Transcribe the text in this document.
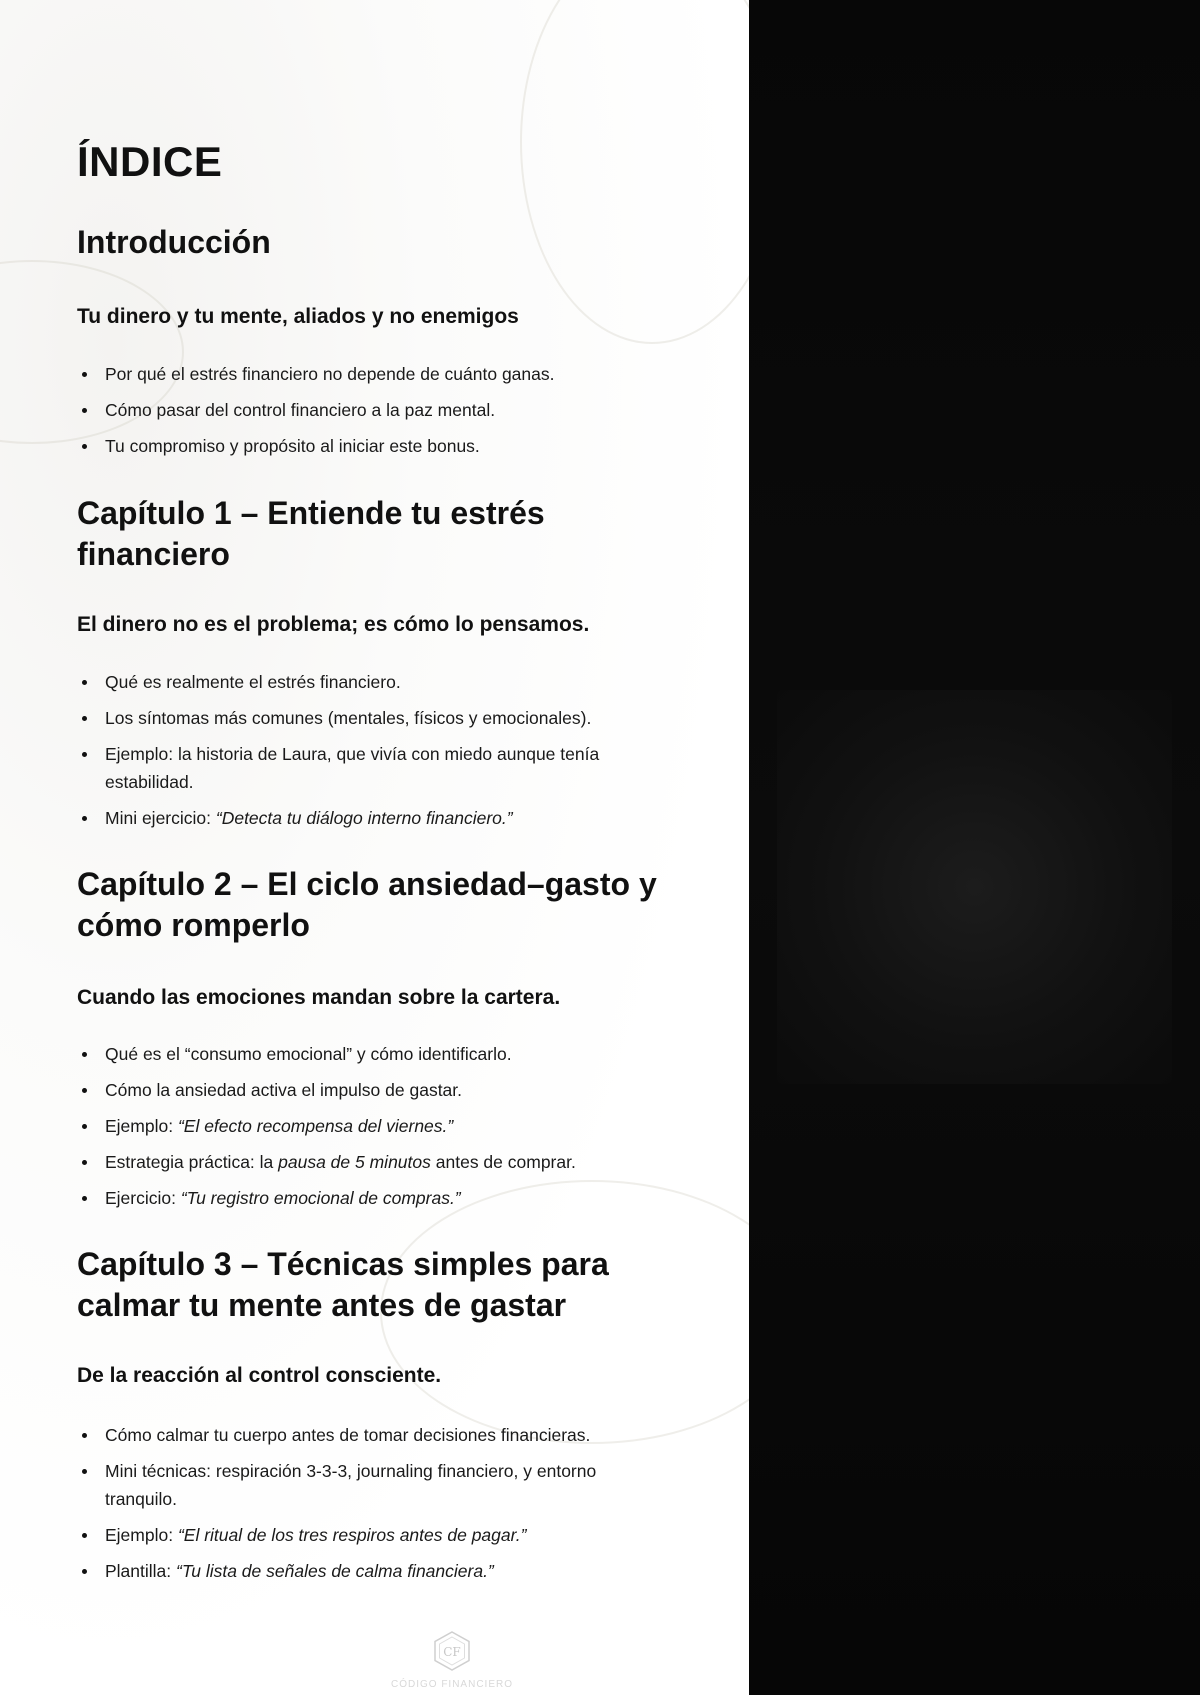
ÍNDICE
Introducción
Tu dinero y tu mente, aliados y no enemigos
Por qué el estrés financiero no depende de cuánto ganas.
Cómo pasar del control financiero a la paz mental.
Tu compromiso y propósito al iniciar este bonus.
Capítulo 1 – Entiende tu estrés financiero
El dinero no es el problema; es cómo lo pensamos.
Qué es realmente el estrés financiero.
Los síntomas más comunes (mentales, físicos y emocionales).
Ejemplo: la historia de Laura, que vivía con miedo aunque tenía estabilidad.
Mini ejercicio: “Detecta tu diálogo interno financiero.”
Capítulo 2 – El ciclo ansiedad–gasto y cómo romperlo
Cuando las emociones mandan sobre la cartera.
Qué es el “consumo emocional” y cómo identificarlo.
Cómo la ansiedad activa el impulso de gastar.
Ejemplo: “El efecto recompensa del viernes.”
Estrategia práctica: la pausa de 5 minutos antes de comprar.
Ejercicio: “Tu registro emocional de compras.”
Capítulo 3 – Técnicas simples para calmar tu mente antes de gastar
De la reacción al control consciente.
Cómo calmar tu cuerpo antes de tomar decisiones financieras.
Mini técnicas: respiración 3-3-3, journaling financiero, y entorno tranquilo.
Ejemplo: “El ritual de los tres respiros antes de pagar.”
Plantilla: “Tu lista de señales de calma financiera.”
CF
CÓDIGO FINANCIERO
